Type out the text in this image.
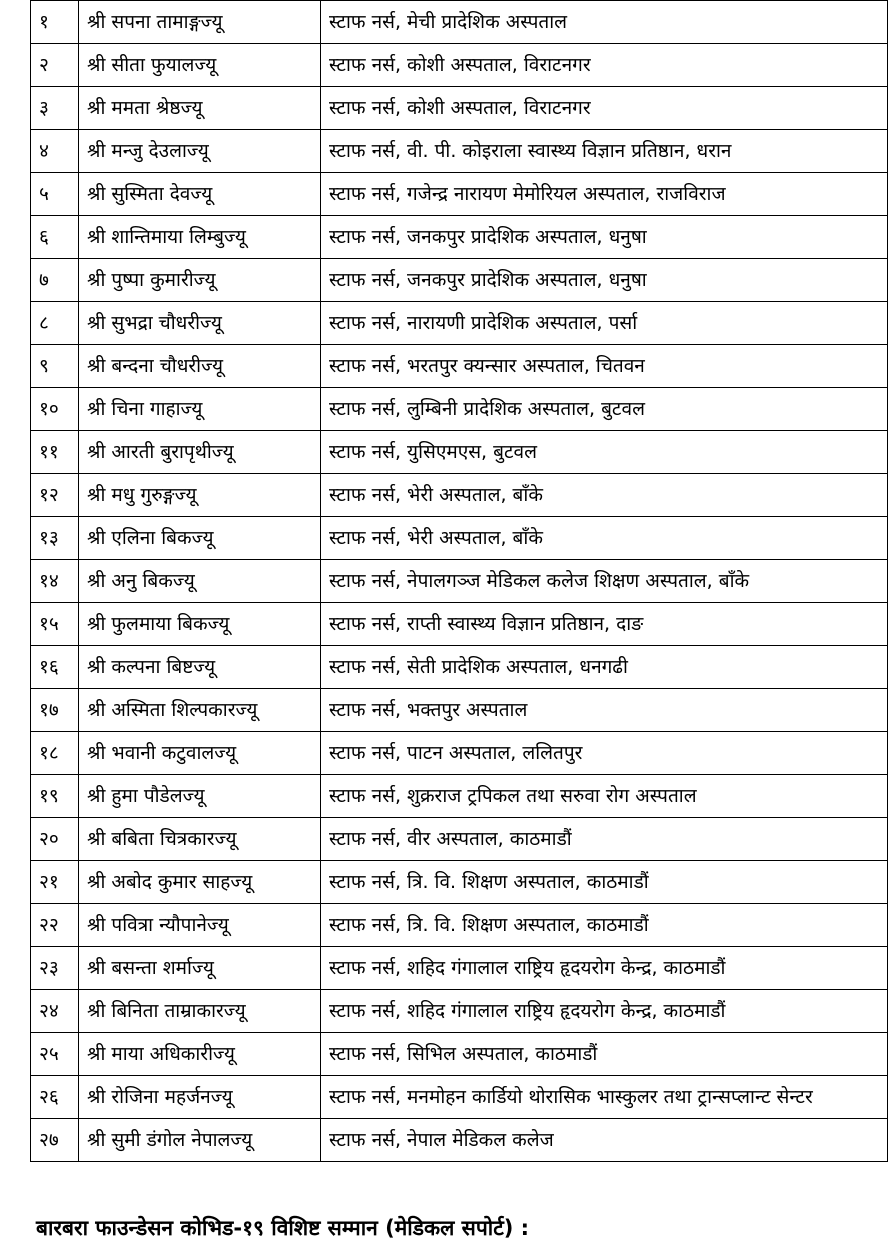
१	श्री सपना तामाङ्गज्यू	स्टाफ नर्स, मेची प्रादेशिक अस्पताल
२	श्री सीता फुयालज्यू	स्टाफ नर्स, कोशी अस्पताल, विराटनगर
३	श्री ममता श्रेष्ठज्यू	स्टाफ नर्स, कोशी अस्पताल, विराटनगर
४	श्री मन्जु देउलाज्यू	स्टाफ नर्स, वी. पी. कोइराला स्वास्थ्य विज्ञान प्रतिष्ठान, धरान
५	श्री सुस्मिता देवज्यू	स्टाफ नर्स, गजेन्द्र नारायण मेमोरियल अस्पताल, राजविराज
६	श्री शान्तिमाया लिम्बुज्यू	स्टाफ नर्स, जनकपुर प्रादेशिक अस्पताल, धनुषा
७	श्री पुष्पा कुमारीज्यू	स्टाफ नर्स, जनकपुर प्रादेशिक अस्पताल, धनुषा
८	श्री सुभद्रा चौधरीज्यू	स्टाफ नर्स, नारायणी प्रादेशिक अस्पताल, पर्सा
९	श्री बन्दना चौधरीज्यू	स्टाफ नर्स, भरतपुर क्यन्सार अस्पताल, चितवन
१०	श्री चिना गाहाज्यू	स्टाफ नर्स, लुम्बिनी प्रादेशिक अस्पताल, बुटवल
११	श्री आरती बुरापृथीज्यू	स्टाफ नर्स, युसिएमएस, बुटवल
१२	श्री मधु गुरुङ्गज्यू	स्टाफ नर्स, भेरी अस्पताल, बाँके
१३	श्री एलिना बिकज्यू	स्टाफ नर्स, भेरी अस्पताल, बाँके
१४	श्री अनु बिकज्यू	स्टाफ नर्स, नेपालगञ्ज मेडिकल कलेज शिक्षण अस्पताल, बाँके
१५	श्री फुलमाया बिकज्यू	स्टाफ नर्स, राप्ती स्वास्थ्य विज्ञान प्रतिष्ठान, दाङ
१६	श्री कल्पना बिष्टज्यू	स्टाफ नर्स, सेती प्रादेशिक अस्पताल, धनगढी
१७	श्री अस्मिता शिल्पकारज्यू	स्टाफ नर्स, भक्तपुर अस्पताल
१८	श्री भवानी कटुवालज्यू	स्टाफ नर्स, पाटन अस्पताल, ललितपुर
१९	श्री हुमा पौडेलज्यू	स्टाफ नर्स, शुक्रराज ट्रपिकल तथा सरुवा रोग अस्पताल
२०	श्री बबिता चित्रकारज्यू	स्टाफ नर्स, वीर अस्पताल, काठमाडौं
२१	श्री अबोद कुमार साहज्यू	स्टाफ नर्स, त्रि. वि. शिक्षण अस्पताल, काठमाडौं
२२	श्री पवित्रा न्यौपानेज्यू	स्टाफ नर्स, त्रि. वि. शिक्षण अस्पताल, काठमाडौं
२३	श्री बसन्ता शर्माज्यू	स्टाफ नर्स, शहिद गंगालाल राष्ट्रिय हृदयरोग केन्द्र, काठमाडौं
२४	श्री बिनिता ताम्राकारज्यू	स्टाफ नर्स, शहिद गंगालाल राष्ट्रिय हृदयरोग केन्द्र, काठमाडौं
२५	श्री माया अधिकारीज्यू	स्टाफ नर्स, सिभिल अस्पताल, काठमाडौं
२६	श्री रोजिना महर्जनज्यू	स्टाफ नर्स, मनमोहन कार्डियो थोरासिक भास्कुलर तथा ट्रान्सप्लान्ट सेन्टर
२७	श्री सुमी डंगोल नेपालज्यू	स्टाफ नर्स, नेपाल मेडिकल कलेज
बारबरा फाउन्डेसन कोभिड-१९ विशिष्ट सम्मान (मेडिकल सपोर्ट) :
